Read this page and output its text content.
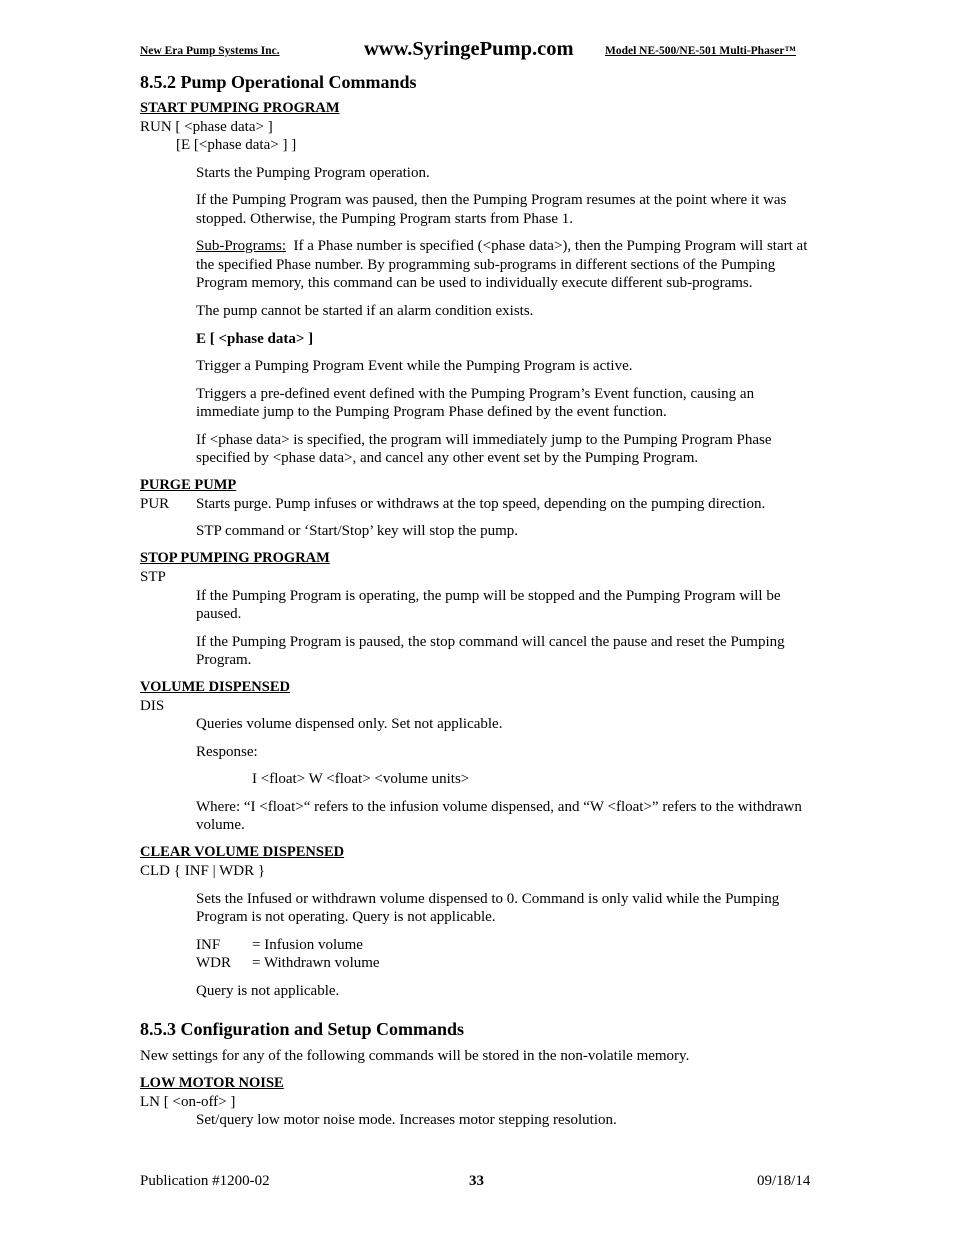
New Era Pump Systems Inc.	www.SyringePump.com	Model NE-500/NE-501 Multi-Phaser™
8.5.2 Pump Operational Commands
START PUMPING PROGRAM
RUN [ <phase data> ]
[E [<phase data> ] ]
Starts the Pumping Program operation.
If the Pumping Program was paused, then the Pumping Program resumes at the point where it was
stopped. Otherwise, the Pumping Program starts from Phase 1.
Sub-Programs:  If a Phase number is specified (<phase data>), then the Pumping Program will start at
the specified Phase number. By programming sub-programs in different sections of the Pumping
Program memory, this command can be used to individually execute different sub-programs.
The pump cannot be started if an alarm condition exists.
E [ <phase data> ]
Trigger a Pumping Program Event while the Pumping Program is active.
Triggers a pre-defined event defined with the Pumping Program’s Event function, causing an
immediate jump to the Pumping Program Phase defined by the event function.
If <phase data> is specified, the program will immediately jump to the Pumping Program Phase
specified by <phase data>, and cancel any other event set by the Pumping Program.
PURGE PUMP
PUR Starts purge. Pump infuses or withdraws at the top speed, depending on the pumping direction.
STP command or ‘Start/Stop’ key will stop the pump.
STOP PUMPING PROGRAM
STP
If the Pumping Program is operating, the pump will be stopped and the Pumping Program will be
paused.
If the Pumping Program is paused, the stop command will cancel the pause and reset the Pumping
Program.
VOLUME DISPENSED
DIS
Queries volume dispensed only. Set not applicable.
Response:
I <float> W <float> <volume units>
Where: “I <float>“ refers to the infusion volume dispensed, and “W <float>” refers to the withdrawn
volume.
CLEAR VOLUME DISPENSED
CLD { INF | WDR }
Sets the Infused or withdrawn volume dispensed to 0. Command is only valid while the Pumping
Program is not operating. Query is not applicable.
INF = Infusion volume
WDR = Withdrawn volume
Query is not applicable.
8.5.3 Configuration and Setup Commands
New settings for any of the following commands will be stored in the non-volatile memory.
LOW MOTOR NOISE
LN [ <on-off> ]
Set/query low motor noise mode. Increases motor stepping resolution.
Publication #1200-02	33	09/18/14
